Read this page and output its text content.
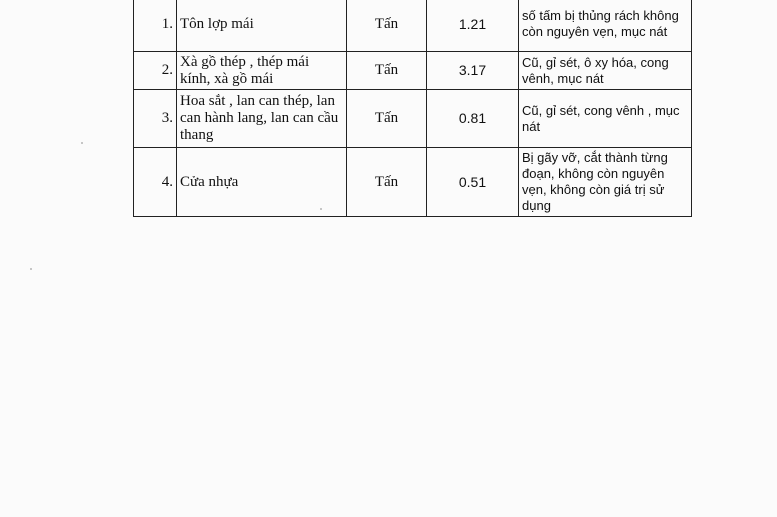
1.	Tôn lợp mái	Tấn	1.21	số tấm bị thủng rách không còn nguyên vẹn, mục nát
2.	Xà gồ thép , thép mái kính, xà gồ mái	Tấn	3.17	Cũ, gỉ sét, ô xy hóa, cong vênh, mục nát
3.	Hoa sắt , lan can thép, lan can hành lang, lan can cầu thang	Tấn	0.81	Cũ, gỉ sét, cong vênh , mục nát
4.	Cửa nhựa	Tấn	0.51	Bị gãy vỡ, cắt thành từng đoạn, không còn nguyên vẹn, không còn giá trị sử dụng
